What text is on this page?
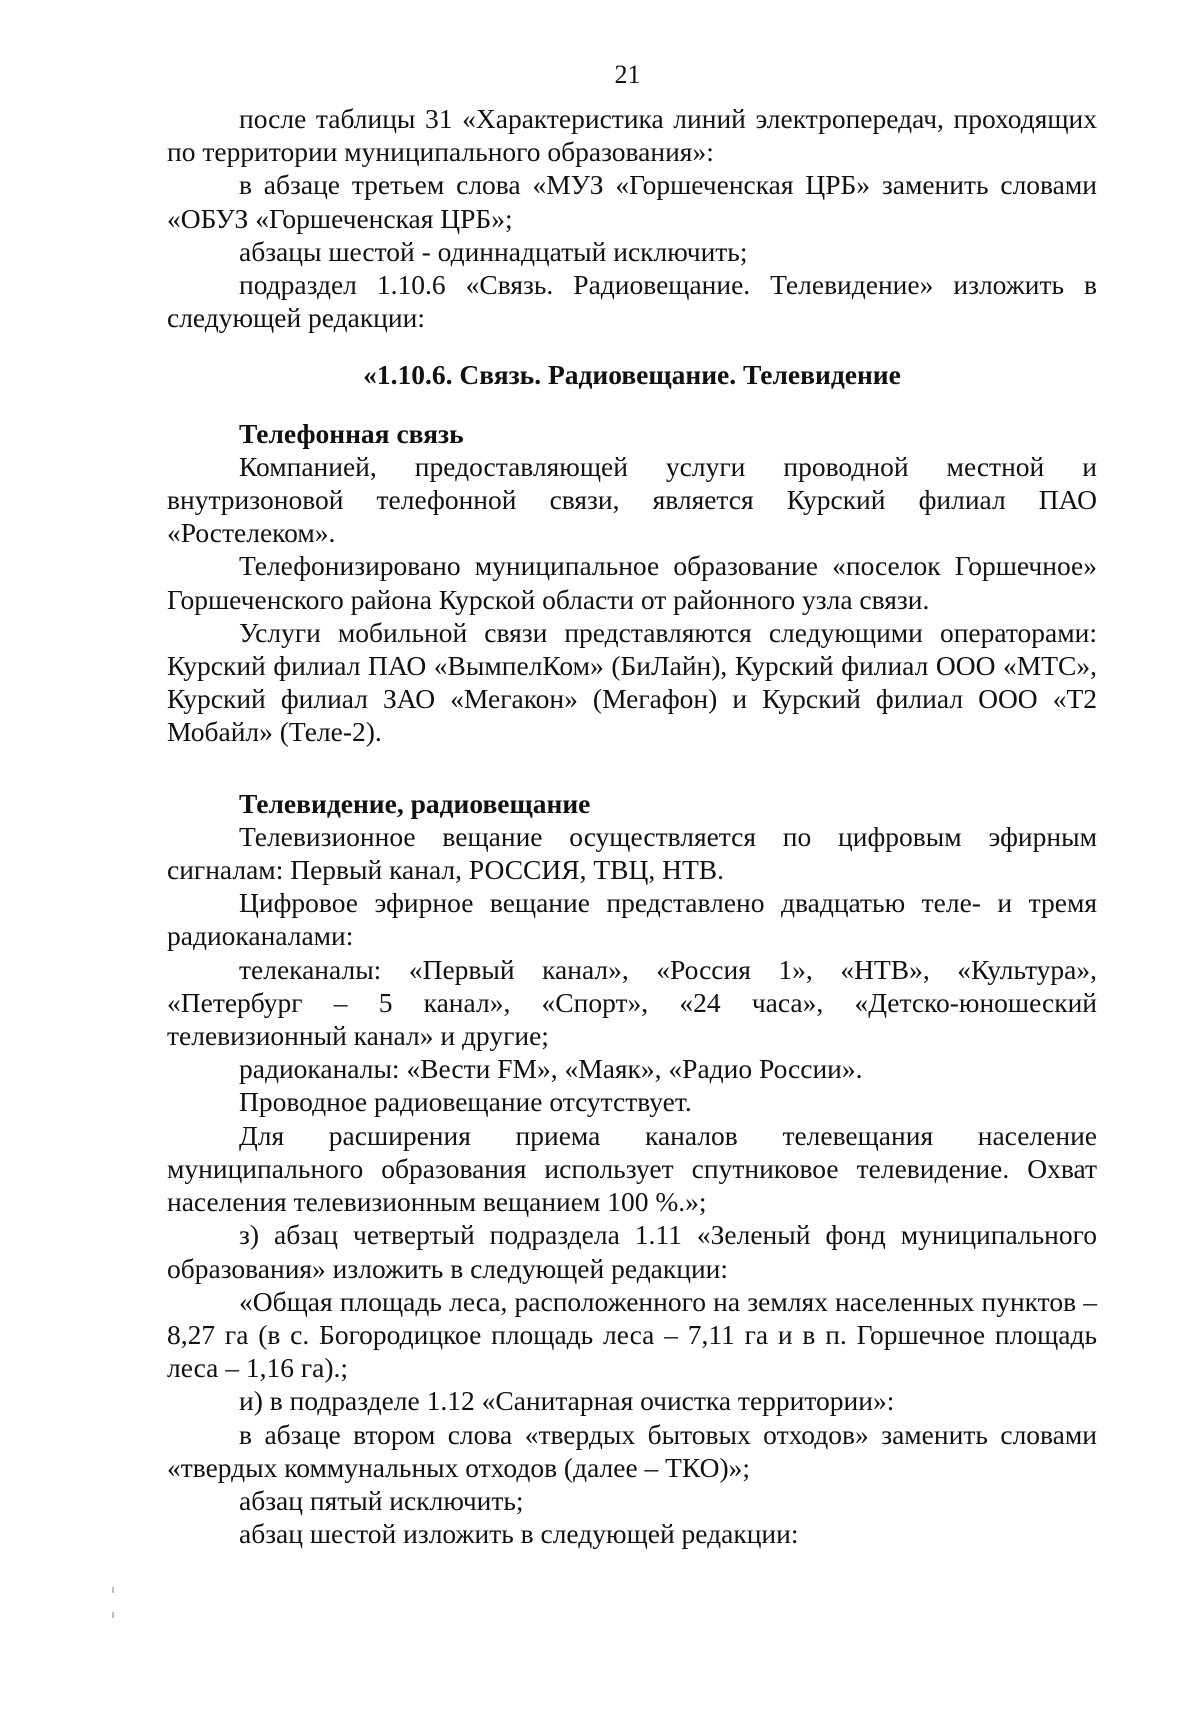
21

после таблицы 31 «Характеристика линий электропередач, проходящих по территории муниципального образования»:

в абзаце третьем слова «МУЗ «Горшеченская ЦРБ» заменить словами «ОБУЗ «Горшеченская ЦРБ»;

абзацы шестой - одиннадцатый исключить;

подраздел 1.10.6 «Связь. Радиовещание. Телевидение» изложить в следующей редакции:

«1.10.6. Связь. Радиовещание. Телевидение

Телефонная связь

Компанией, предоставляющей услуги проводной местной и внутризоновой телефонной связи, является Курский филиал ПАО «Ростелеком».

Телефонизировано муниципальное образование «поселок Горшечное» Горшеченского района Курской области от районного узла связи.

Услуги мобильной связи представляются следующими операторами: Курский филиал ПАО «ВымпелКом» (БиЛайн), Курский филиал ООО «МТС», Курский филиал ЗАО «Мегакон» (Мегафон) и Курский филиал ООО «Т2 Мобайл» (Теле-2).

Телевидение, радиовещание

Телевизионное вещание осуществляется по цифровым эфирным сигналам: Первый канал, РОССИЯ, ТВЦ, НТВ.

Цифровое эфирное вещание представлено двадцатью теле- и тремя радиоканалами:

телеканалы: «Первый канал», «Россия 1», «НТВ», «Культура», «Петербург – 5 канал», «Спорт», «24 часа», «Детско-юношеский телевизионный канал» и другие;

радиоканалы: «Вести FM», «Маяк», «Радио России».

Проводное радиовещание отсутствует.

Для расширения приема каналов телевещания население муниципального образования использует спутниковое телевидение. Охват населения телевизионным вещанием 100 %.»;

з) абзац четвертый подраздела 1.11 «Зеленый фонд муниципального образования» изложить в следующей редакции:

«Общая площадь леса, расположенного на землях населенных пунктов – 8,27 га (в с. Богородицкое площадь леса – 7,11 га и в п. Горшечное площадь леса – 1,16 га).;

и) в подразделе 1.12 «Санитарная очистка территории»:

в абзаце втором слова «твердых бытовых отходов» заменить словами «твердых коммунальных отходов (далее – ТКО)»;

абзац пятый исключить;

абзац шестой изложить в следующей редакции:
